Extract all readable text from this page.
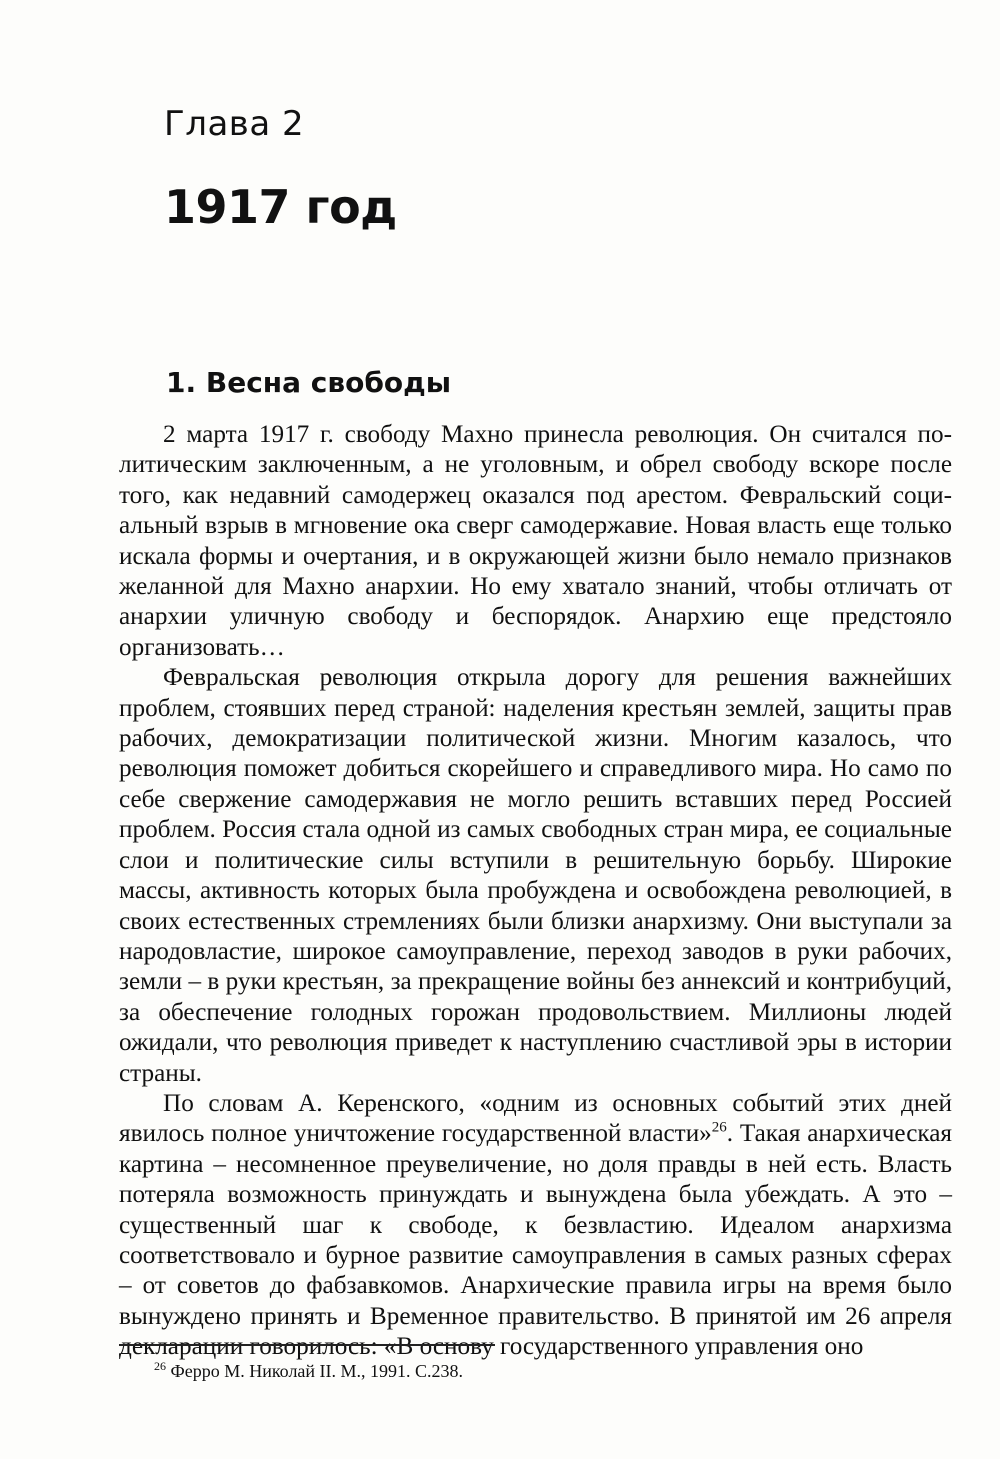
Глава 2
1917 год
1. Весна свободы

2 марта 1917 г. свободу Махно принесла революция. Он считался политическим заключенным, а не уголовным, и обрел свободу вскоре после того, как недавний самодержец оказался под арестом. Февральский социальный взрыв в мгновение ока сверг самодержавие. Новая власть еще только искала формы и очертания, и в окружающей жизни было немало признаков желанной для Махно анархии. Но ему хватало знаний, чтобы отличать от анархии уличную свободу и беспорядок. Анархию еще предстояло организовать…

Февральская революция открыла дорогу для решения важнейших проблем, стоявших перед страной: наделения крестьян землей, защиты прав рабочих, демократизации политической жизни. Многим казалось, что революция поможет добиться скорейшего и справедливого мира. Но само по себе свержение самодержавия не могло решить вставших перед Россией проблем. Россия стала одной из самых свободных стран мира, ее социальные слои и политические силы вступили в решительную борьбу. Широкие массы, активность которых была пробуждена и освобождена революцией, в своих естественных стремлениях были близки анархизму. Они выступали за народовластие, широкое самоуправление, переход заводов в руки рабочих, земли – в руки крестьян, за прекращение войны без аннексий и контрибуций, за обеспечение голодных горожан продовольствием. Миллионы людей ожидали, что революция приведет к наступлению счастливой эры в истории страны.

По словам А. Керенского, «одним из основных событий этих дней явилось полное уничтожение государственной власти»$^{26}$. Такая анархическая картина – несомненное преувеличение, но доля правды в ней есть. Власть потеряла возможность принуждать и вынуждена была убеждать. А это – существенный шаг к свободе, к безвластию. Идеалом анархизма соответствовало и бурное развитие самоуправления в самых разных сферах – от советов до фабзавкомов. Анархические правила игры на время было вынуждено принять и Временное правительство. В принятой им 26 апреля декларации говорилось: «В основу государственного управления оно

$^{26}$ Ферро М. Николай II. М., 1991. С.238.
